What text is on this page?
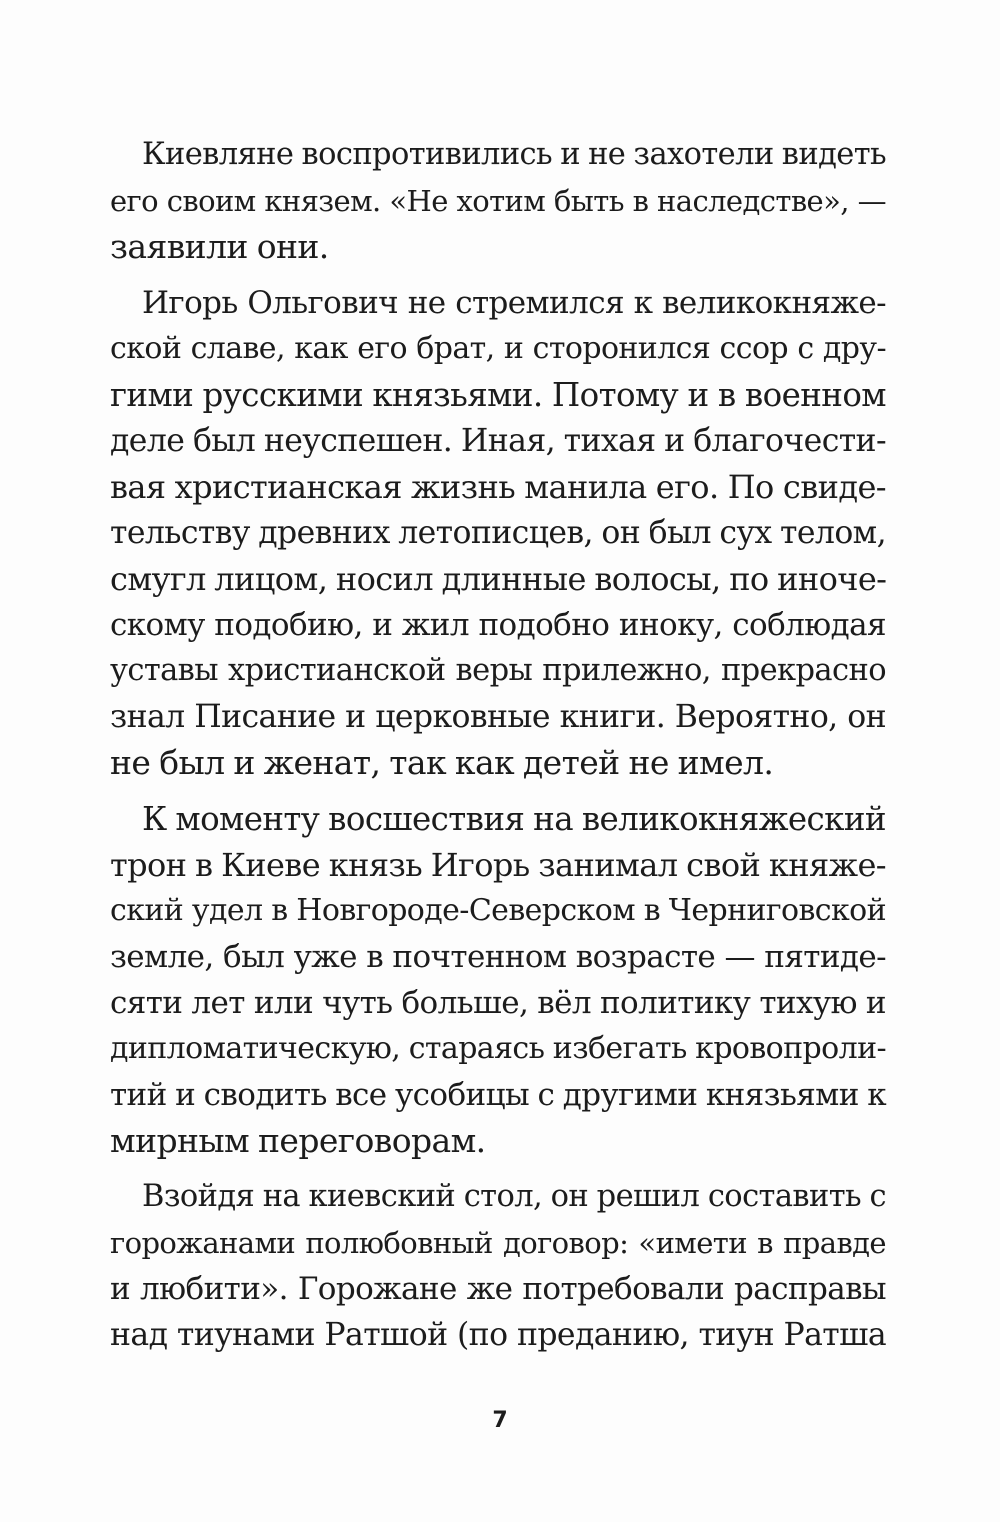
Киевляне воспротивились и не захотели видеть
его своим князем. «Не хотим быть в наследстве», —
заявили они.
Игорь Ольгович не стремился к великокняже-
ской славе, как его брат, и сторонился ссор с дру-
гими русскими князьями. Потому и в военном
деле был неуспешен. Иная, тихая и благочести-
вая христианская жизнь манила его. По свиде-
тельству древних летописцев, он был сух телом,
смугл лицом, носил длинные волосы, по иноче-
скому подобию, и жил подобно иноку, соблюдая
уставы христианской веры прилежно, прекрасно
знал Писание и церковные книги. Вероятно, он
не был и женат, так как детей не имел.
К моменту восшествия на великокняжеский
трон в Киеве князь Игорь занимал свой княже-
ский удел в Новгороде-Северском в Черниговской
земле, был уже в почтенном возрасте — пятиде-
сяти лет или чуть больше, вёл политику тихую и
дипломатическую, стараясь избегать кровопроли-
тий и сводить все усобицы с другими князьями к
мирным переговорам.
Взойдя на киевский стол, он решил составить с
горожанами полюбовный договор: «имети в правде
и любити». Горожане же потребовали расправы
над тиунами Ратшой (по преданию, тиун Ратша
7
